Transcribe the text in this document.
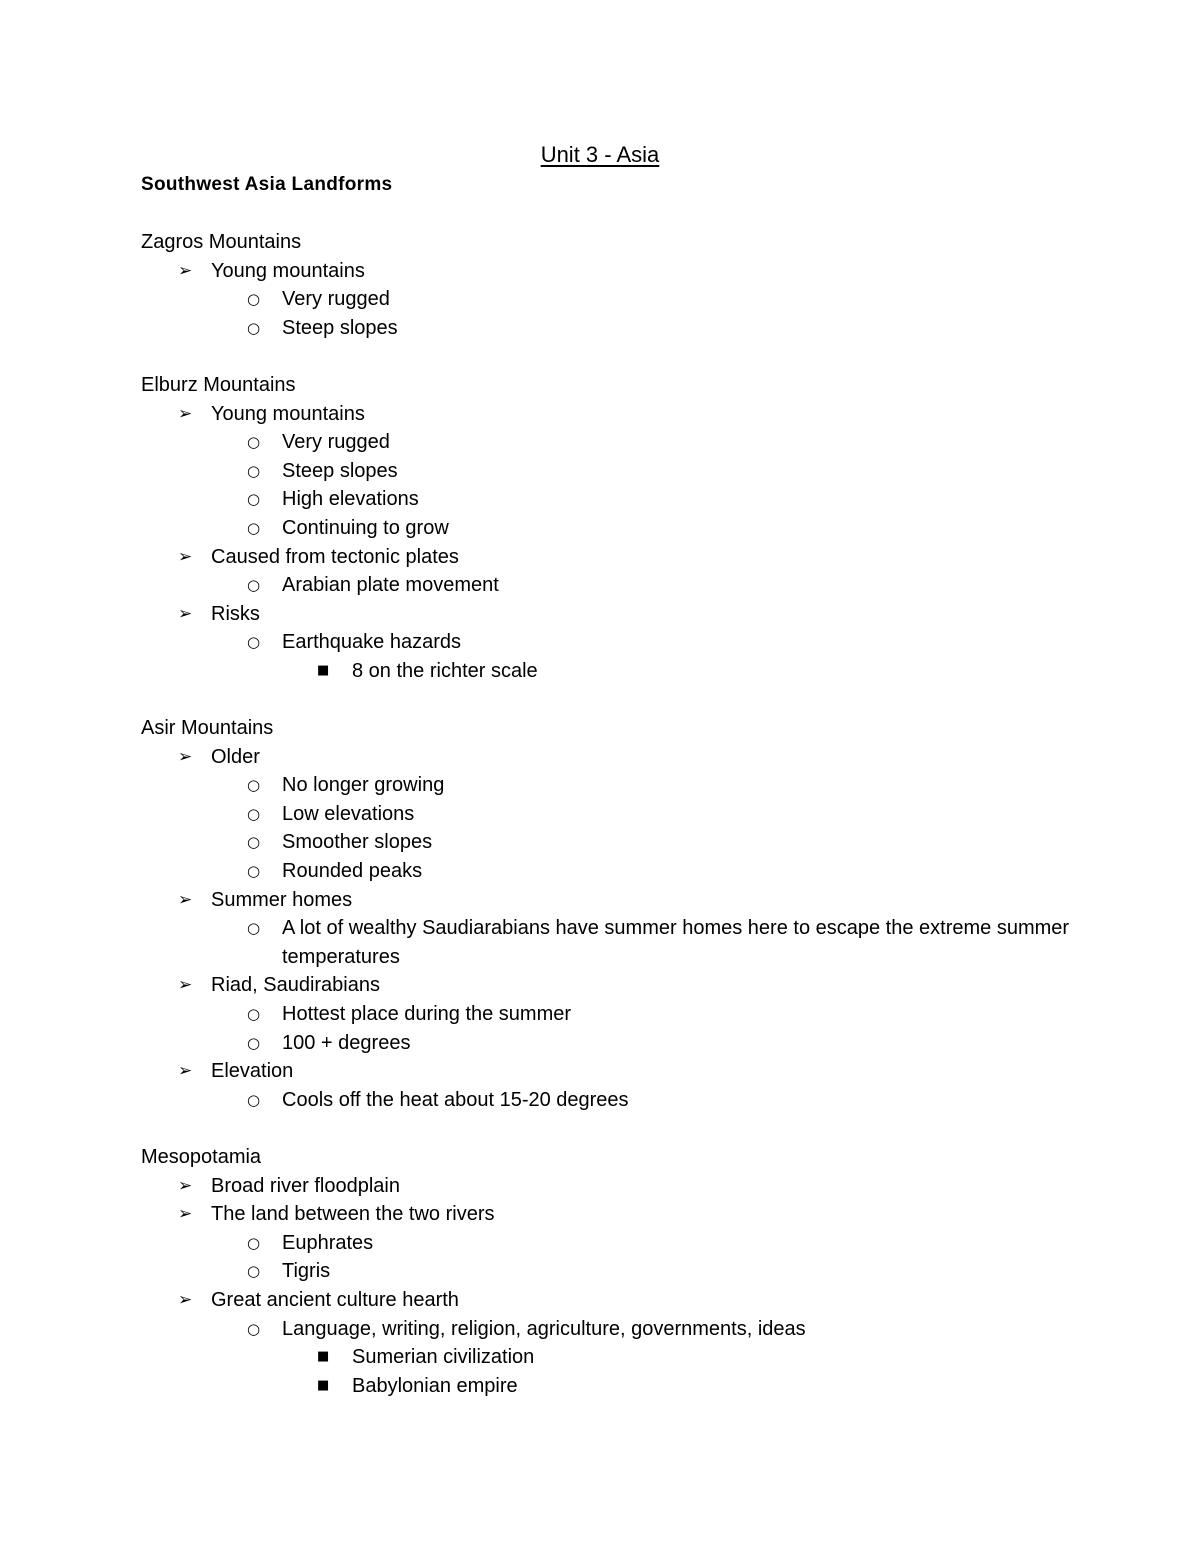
Unit 3 - Asia
Southwest Asia Landforms
Zagros Mountains
➢ Young mountains
○ Very rugged
○ Steep slopes
Elburz Mountains
➢ Young mountains
○ Very rugged
○ Steep slopes
○ High elevations
○ Continuing to grow
➢ Caused from tectonic plates
○ Arabian plate movement
➢ Risks
○ Earthquake hazards
■ 8 on the richter scale
Asir Mountains
➢ Older
○ No longer growing
○ Low elevations
○ Smoother slopes
○ Rounded peaks
➢ Summer homes
○ A lot of wealthy Saudiarabians have summer homes here to escape the extreme summer temperatures
➢ Riad, Saudirabians
○ Hottest place during the summer
○ 100 + degrees
➢ Elevation
○ Cools off the heat about 15-20 degrees
Mesopotamia
➢ Broad river floodplain
➢ The land between the two rivers
○ Euphrates
○ Tigris
➢ Great ancient culture hearth
○ Language, writing, religion, agriculture, governments, ideas
■ Sumerian civilization
■ Babylonian empire
